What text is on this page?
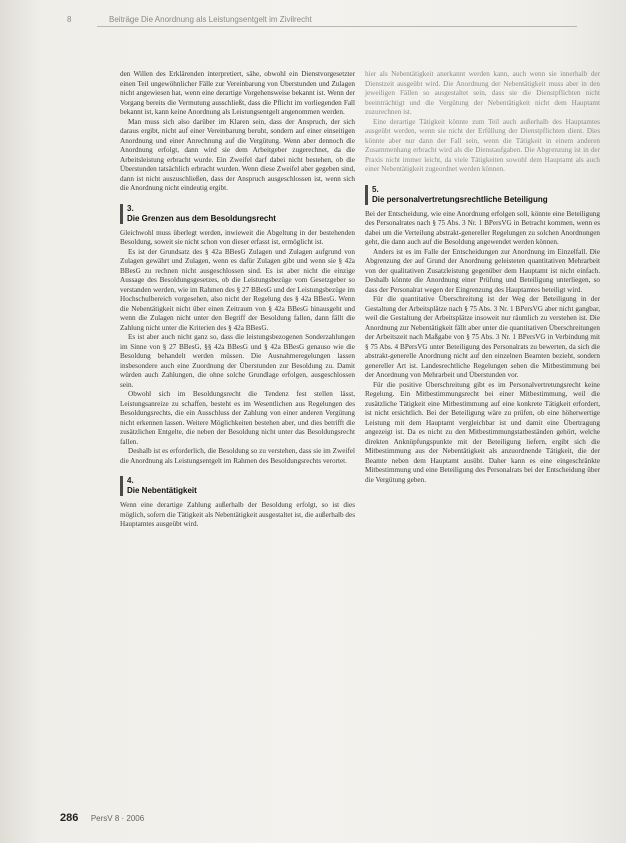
8	Beiträge Die Anordnung als Leistungsentgelt im Zivilrecht

den Willen des Erklärenden interpretiert, sähe, obwohl ein Dienstvorgesetzter einen Teil ungewöhnlicher Fälle zur Vereinbarung von Überstunden und Zulagen nicht angewiesen hat, wenn eine derartige Vorgehensweise bekannt ist. Wenn der Vorgang bereits die Vermutung ausschließt, dass die Pflicht im vorliegenden Fall bekannt ist, kann keine Anordnung als Leistungsentgelt angenommen werden.

Man muss sich also darüber im Klaren sein, dass der Anspruch, der sich daraus ergibt, nicht auf einer Vereinbarung beruht, sondern auf einer einseitigen Anordnung und einer Anrechnung auf die Vergütung. Wenn aber dennoch die Anordnung erfolgt, dann wird sie dem Arbeitgeber zugerechnet, da die Arbeitsleistung erbracht wurde. Ein Zweifel darf dabei nicht bestehen, ob die Überstunden tatsächlich erbracht wurden. Wenn diese Zweifel aber gegeben sind, dann ist nicht auszuschließen, dass der Anspruch ausgeschlossen ist, wenn sich die Anordnung nicht eindeutig ergibt.

3.
Die Grenzen aus dem Besoldungsrecht

Gleichwohl muss überlegt werden, inwieweit die Abgeltung in der bestehenden Besoldung, soweit sie nicht schon von dieser erfasst ist, ermöglicht ist.

Es ist der Grundsatz des § 42a BBesG Zulagen und Zulagen aufgrund von Zulagen gewährt und Zulagen, wenn es dafür Zulagen gibt und wenn sie § 42a BBesG zu rechnen nicht ausgeschlossen sind. Es ist aber nicht die einzige Aussage des Besoldungsgesetzes, ob die Leistungsbezüge vom Gesetzgeber so verstanden werden, wie im Rahmen des § 27 BBesG und der Leistungsbezüge im Hochschulbereich vorgesehen, also nicht der Regelung des § 42a BBesG. Wenn die Nebentätigkeit nicht über einen Zeitraum von § 42a BBesG hinausgeht und wenn die Zulagen nicht unter den Begriff der Besoldung fallen, dann fällt die Zahlung nicht unter die Kriterien des § 42a BBesG.

Es ist aber auch nicht ganz so, dass die leistungsbezogenen Sonderzahlungen im Sinne von § 27 BBesG, §§ 42a BBesG und § 42a BBesG genauso wie die Besoldung behandelt werden müssen. Die Ausnahmeregelungen lassen insbesondere auch eine Zuordnung der Überstunden zur Besoldung zu. Damit würden auch Zahlungen, die ohne solche Grundlage erfolgen, ausgeschlossen sein.

Obwohl sich im Besoldungsrecht die Tendenz fest stellen lässt, Leistungsanreize zu schaffen, besteht es im Wesentlichen aus Regelungen des Besoldungsrechts, die ein Ausschluss der Zahlung von einer anderen Vergütung nicht erkennen lassen. Weitere Möglichkeiten bestehen aber, und dies betrifft die zusätzlichen Entgelte, die neben der Besoldung nicht unter das Besoldungsrecht fallen.

Deshalb ist es erforderlich, die Besoldung so zu verstehen, dass sie im Zweifel die Anordnung als Leistungsentgelt im Rahmen des Besoldungsrechts verortet.

4.
Die Nebentätigkeit

Wenn eine derartige Zahlung außerhalb der Besoldung erfolgt, so ist dies möglich, sofern die Tätigkeit als Nebentätigkeit ausgestaltet ist, die außerhalb des Hauptamtes ausgeübt wird.

hier als Nebentätigkeit anerkannt werden kann, auch wenn sie innerhalb der Dienstzeit ausgeübt wird. Die Anordnung der Nebentätigkeit muss aber in den jeweiligen Fällen so ausgestaltet sein, dass sie die Dienstpflichten nicht beeinträchtigt und die Vergütung der Nebentätigkeit nicht dem Hauptamt zuzurechnen ist.

Eine derartige Tätigkeit könnte zum Teil auch außerhalb des Hauptamtes ausgeübt werden, wenn sie nicht der Erfüllung der Dienstpflichten dient. Dies könnte aber nur dann der Fall sein, wenn die Tätigkeit in einem anderen Zusammenhang erbracht wird als die Dienstaufgaben. Die Abgrenzung ist in der Praxis nicht immer leicht, da viele Tätigkeiten sowohl dem Hauptamt als auch einer Nebentätigkeit zugeordnet werden können.

5.
Die personalvertretungsrechtliche Beteiligung

Bei der Entscheidung, wie eine Anordnung erfolgen soll, könnte eine Beteiligung des Personalrates nach § 75 Abs. 3 Nr. 1 BPersVG in Betracht kommen, wenn es dabei um die Verteilung abstrakt-genereller Regelungen zu solchen Anordnungen geht, die dann auch auf die Besoldung angewendet werden können.

Anders ist es im Falle der Entscheidungen zur Anordnung im Einzelfall. Die Abgrenzung der auf Grund der Anordnung geleisteten quantitativen Mehrarbeit von der qualitativen Zusatzleistung gegenüber dem Hauptamt ist nicht einfach. Deshalb könnte die Anordnung einer Prüfung und Beteiligung unterliegen, so dass der Personalrat wegen der Eingrenzung des Hauptamtes beteiligt wird.

Für die quantitative Überschreitung ist der Weg der Beteiligung in der Gestaltung der Arbeitsplätze nach § 75 Abs. 3 Nr. 1 BPersVG aber nicht gangbar, weil die Gestaltung der Arbeitsplätze insoweit nur räumlich zu verstehen ist. Die Anordnung zur Nebentätigkeit fällt aber unter die quantitativen Überschreitungen der Arbeitszeit nach Maßgabe von § 75 Abs. 3 Nr. 1 BPersVG in Verbindung mit § 75 Abs. 4 BPersVG unter Beteiligung des Personalrats zu bewerten, da sich die abstrakt-generelle Anordnung nicht auf den einzelnen Beamten bezieht, sondern genereller Art ist. Landesrechtliche Regelungen sehen die Mitbestimmung bei der Anordnung von Mehrarbeit und Überstunden vor.

Für die positive Überschreitung gibt es im Personalvertretungsrecht keine Regelung. Ein Mitbestimmungsrecht bei einer Mitbestimmung, weil die zusätzliche Tätigkeit eine Mitbestimmung auf eine konkrete Tätigkeit erfordert, ist nicht ersichtlich. Bei der Beteiligung wäre zu prüfen, ob eine höherwertige Leistung mit dem Hauptamt vergleichbar ist und damit eine Übertragung angezeigt ist. Da es nicht zu den Mitbestimmungstatbeständen gehört, welche direkten Anknüpfungspunkte mit der Beteiligung liefern, ergibt sich die Mitbestimmung aus der Nebentätigkeit als anzuordnende Tätigkeit, die der Beamte neben dem Hauptamt ausübt. Daher kann es eine eingeschränkte Mitbestimmung und eine Beteiligung des Personalrats bei der Entscheidung über die Vergütung geben.

286 PersV 8 · 2006
